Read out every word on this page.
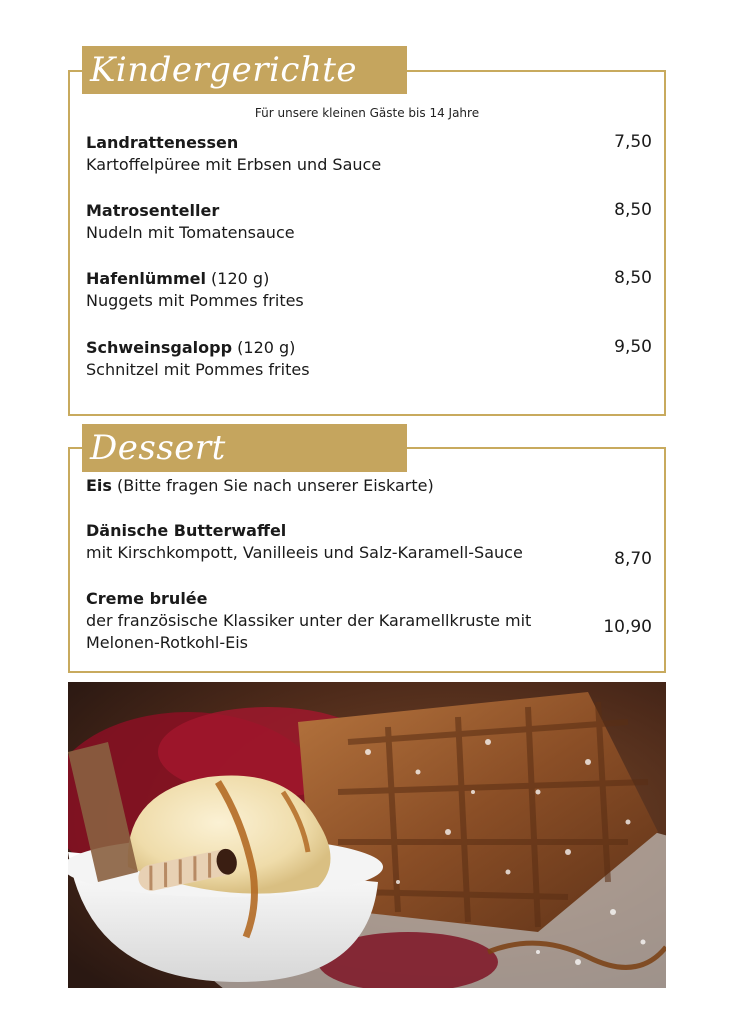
Für unsere kleinen Gäste bis 14 Jahre
Landrattenessen
Kartoffelpüree mit Erbsen und Sauce
7,50
Matrosenteller
Nudeln mit Tomatensauce
8,50
Hafenlümmel (120 g)
Nuggets mit Pommes frites
8,50
Schweinsgalopp (120 g)
Schnitzel mit Pommes frites
9,50
Kindergerichte
Eis (Bitte fragen Sie nach unserer Eiskarte)
Dänische Butterwaffel
mit Kirschkompott, Vanilleeis und Salz-Karamell-Sauce	8,70
Creme brulée
der französische Klassiker unter der Karamellkruste mit
Melonen-Rotkohl-Eis
10,90
Dessert
